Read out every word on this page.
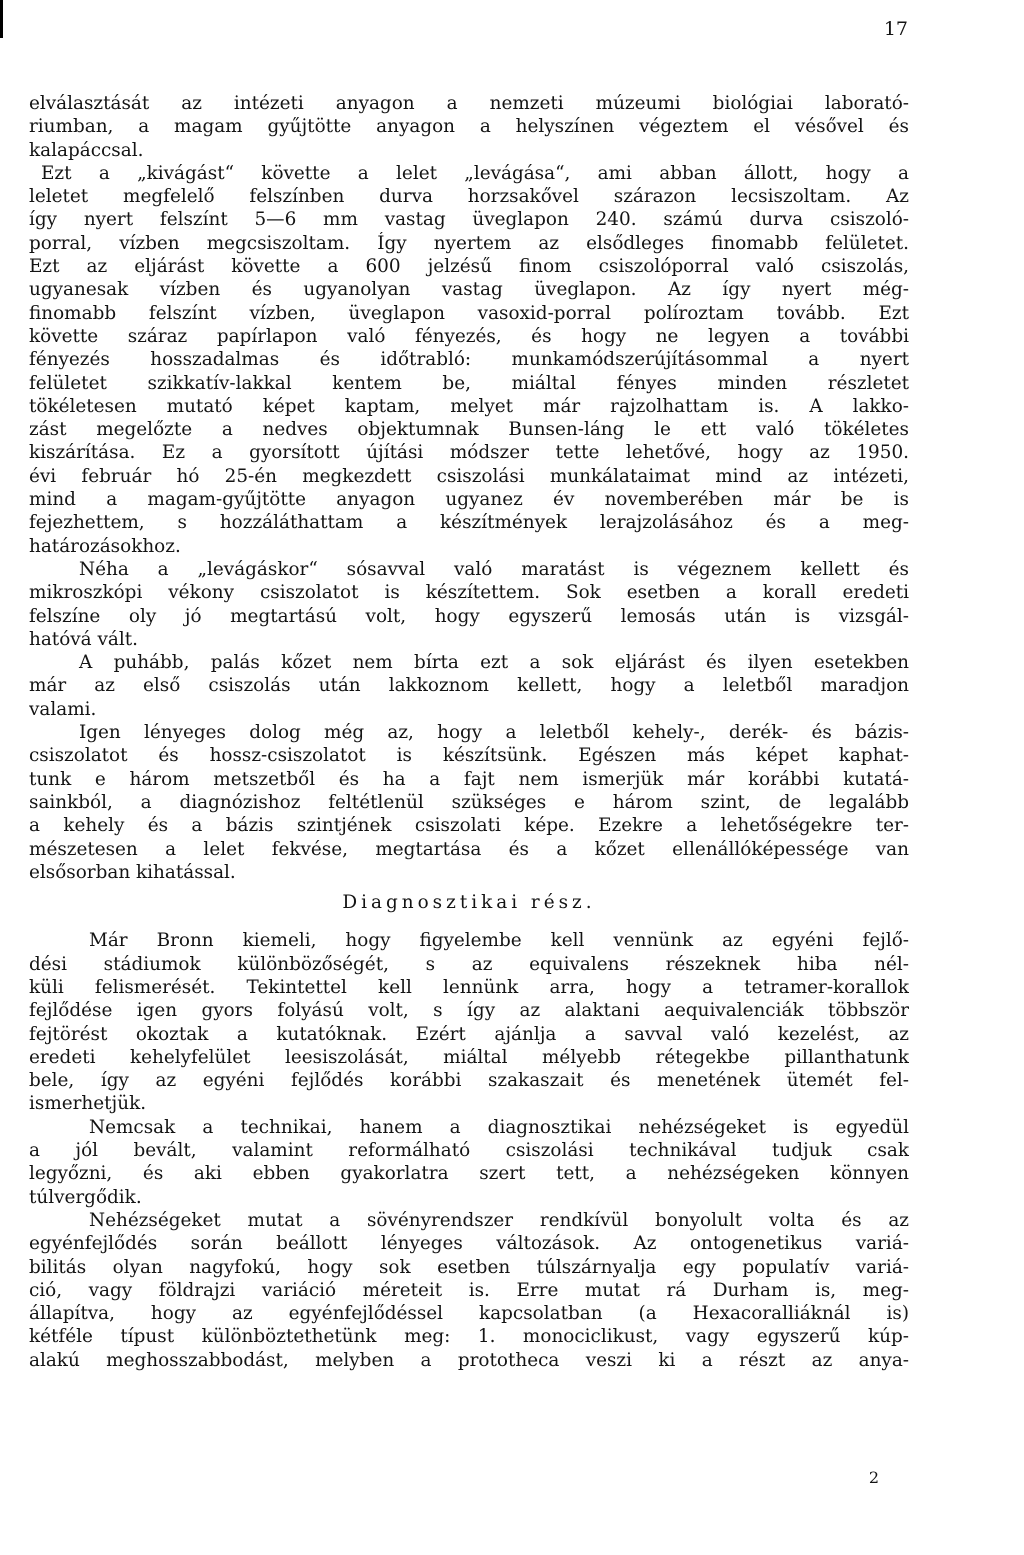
17
elválasztását az intézeti anyagon a nemzeti múzeumi biológiai laborató-
riumban, a magam gyűjtötte anyagon a helyszínen végeztem el vésővel és
kalapáccsal.
Ezt a „kivágást“ követte a lelet „levágása“, ami abban állott, hogy a
leletet megfelelő felszínben durva horzsakővel szárazon lecsiszoltam. Az
így nyert felszínt 5—6 mm vastag üveglapon 240. számú durva csiszoló-
porral, vízben megcsiszoltam. Így nyertem az elsődleges finomabb felületet.
Ezt az eljárást követte a 600 jelzésű finom csiszolóporral való csiszolás,
ugyanesak vízben és ugyanolyan vastag üveglapon. Az így nyert még-
finomabb felszínt vízben, üveglapon vasoxid-porral políroztam tovább. Ezt
követte száraz papírlapon való fényezés, és hogy ne legyen a további
fényezés hosszadalmas és időtrabló: munkamódszerújításommal a nyert
felületet szikkatív-lakkal kentem be, miáltal fényes minden részletet
tökéletesen mutató képet kaptam, melyet már rajzolhattam is. A lakko-
zást megelőzte a nedves objektumnak Bunsen-láng le ett való tökéletes
kiszárítása. Ez a gyorsított újítási módszer tette lehetővé, hogy az 1950.
évi február hó 25-én megkezdett csiszolási munkálataimat mind az intézeti,
mind a magam-gyűjtötte anyagon ugyanez év novemberében már be is
fejezhettem, s hozzáláthattam a készítmények lerajzolásához és a meg-
határozásokhoz.
Néha a „levágáskor“ sósavval való maratást is végeznem kellett és
mikroszkópi vékony csiszolatot is készítettem. Sok esetben a korall eredeti
felszíne oly jó megtartású volt, hogy egyszerű lemosás után is vizsgál-
hatóvá vált.
A puhább, palás kőzet nem bírta ezt a sok eljárást és ilyen esetekben
már az első csiszolás után lakkoznom kellett, hogy a leletből maradjon
valami.
Igen lényeges dolog még az, hogy a leletből kehely-, derék- és bázis-
csiszolatot és hossz-csiszolatot is készítsünk. Egészen más képet kaphat-
tunk e három metszetből és ha a fajt nem ismerjük már korábbi kutatá-
sainkból, a diagnózishoz feltétlenül szükséges e három szint, de legalább
a kehely és a bázis szintjének csiszolati képe. Ezekre a lehetőségekre ter-
mészetesen a lelet fekvése, megtartása és a kőzet ellenállóképessége van
elsősorban kihatással.
Diagnosztikai rész.
Már Bronn kiemeli, hogy figyelembe kell vennünk az egyéni fejlő-
dési stádiumok különbözőségét, s az equivalens részeknek hiba nél-
küli felismerését. Tekintettel kell lennünk arra, hogy a tetramer-korallok
fejlődése igen gyors folyású volt, s így az alaktani aequivalenciák többször
fejtörést okoztak a kutatóknak. Ezért ajánlja a savval való kezelést, az
eredeti kehelyfelület leesiszolását, miáltal mélyebb rétegekbe pillanthatunk
bele, így az egyéni fejlődés korábbi szakaszait és menetének ütemét fel-
ismerhetjük.
Nemcsak a technikai, hanem a diagnosztikai nehézségeket is egyedül
a jól bevált, valamint reformálható csiszolási technikával tudjuk csak
legyőzni, és aki ebben gyakorlatra szert tett, a nehézségeken könnyen
túlvergődik.
Nehézségeket mutat a sövényrendszer rendkívül bonyolult volta és az
egyénfejlődés során beállott lényeges változások. Az ontogenetikus variá-
bilitás olyan nagyfokú, hogy sok esetben túlszárnyalja egy populatív variá-
ció, vagy földrajzi variáció méreteit is. Erre mutat rá Durham is, meg-
állapítva, hogy az egyénfejlődéssel kapcsolatban (a Hexacoralliáknál is)
kétféle típust különböztethetünk meg: 1. monociclikust, vagy egyszerű kúp-
alakú meghosszabbodást, melyben a prototheca veszi ki a részt az anya-
2
